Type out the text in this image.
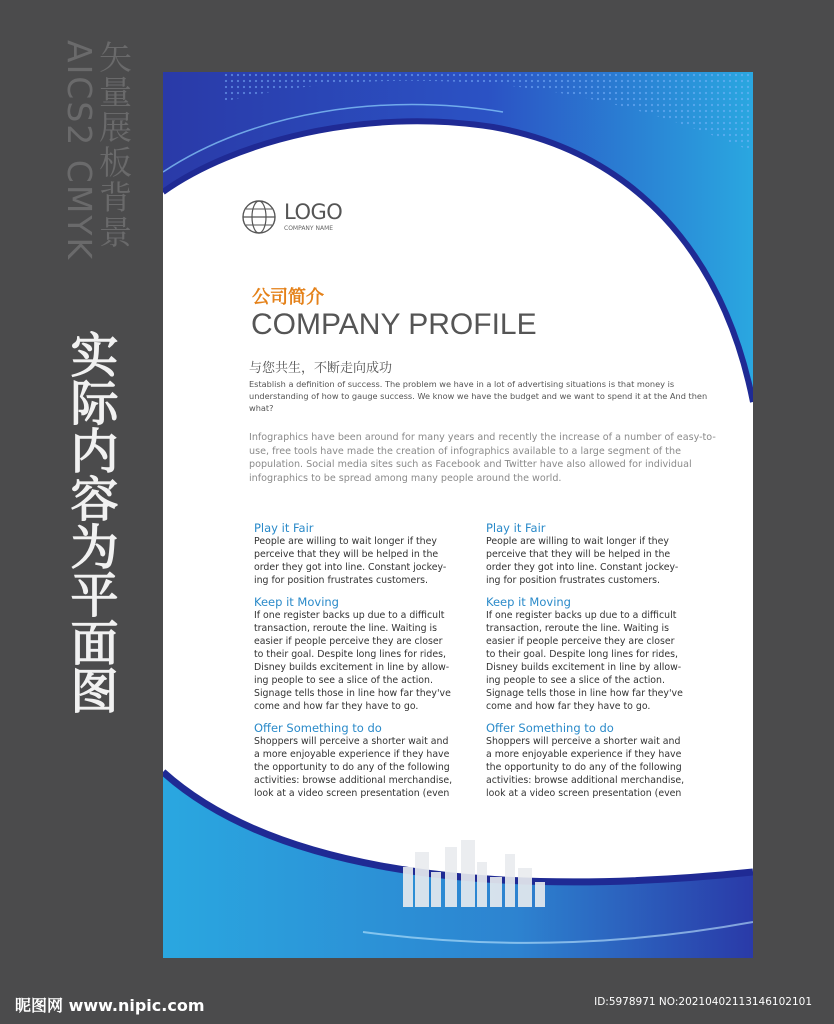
AICS2 CMYK
矢量展板背景
实际内容为平面图
LOGO
COMPANY NAME
公司简介
COMPANY PROFILE
与您共生，不断走向成功
Establish a definition of success. The problem we have in a lot of advertising situations is that money is understanding of how to gauge success. We know we have the budget and we want to spend it at the And then what?
Infographics have been around for many years and recently the increase of a number of easy-to-use, free tools have made the creation of infographics available to a large segment of the population. Social media sites such as Facebook and Twitter have also allowed for individual infographics to be spread among many people around the world.
Play it Fair

People are willing to wait longer if they
perceive that they will be helped in the
order they got into line. Constant jockey-
ing for position frustrates customers.

Keep it Moving

If one register backs up due to a difficult
transaction, reroute the line. Waiting is
easier if people perceive they are closer
to their goal. Despite long lines for rides,
Disney builds excitement in line by allow-
ing people to see a slice of the action.
Signage tells those in line how far they've
come and how far they have to go.

Offer Something to do

Shoppers will perceive a shorter wait and
a more enjoyable experience if they have
the opportunity to do any of the following
activities: browse additional merchandise,
look at a video screen presentation (even

Play it Fair

People are willing to wait longer if they
perceive that they will be helped in the
order they got into line. Constant jockey-
ing for position frustrates customers.

Keep it Moving

If one register backs up due to a difficult
transaction, reroute the line. Waiting is
easier if people perceive they are closer
to their goal. Despite long lines for rides,
Disney builds excitement in line by allow-
ing people to see a slice of the action.
Signage tells those in line how far they've
come and how far they have to go.

Offer Something to do

Shoppers will perceive a shorter wait and
a more enjoyable experience if they have
the opportunity to do any of the following
activities: browse additional merchandise,
look at a video screen presentation (even

昵图网 www.nipic.com	ID:5978971 NO:20210402113146102101
